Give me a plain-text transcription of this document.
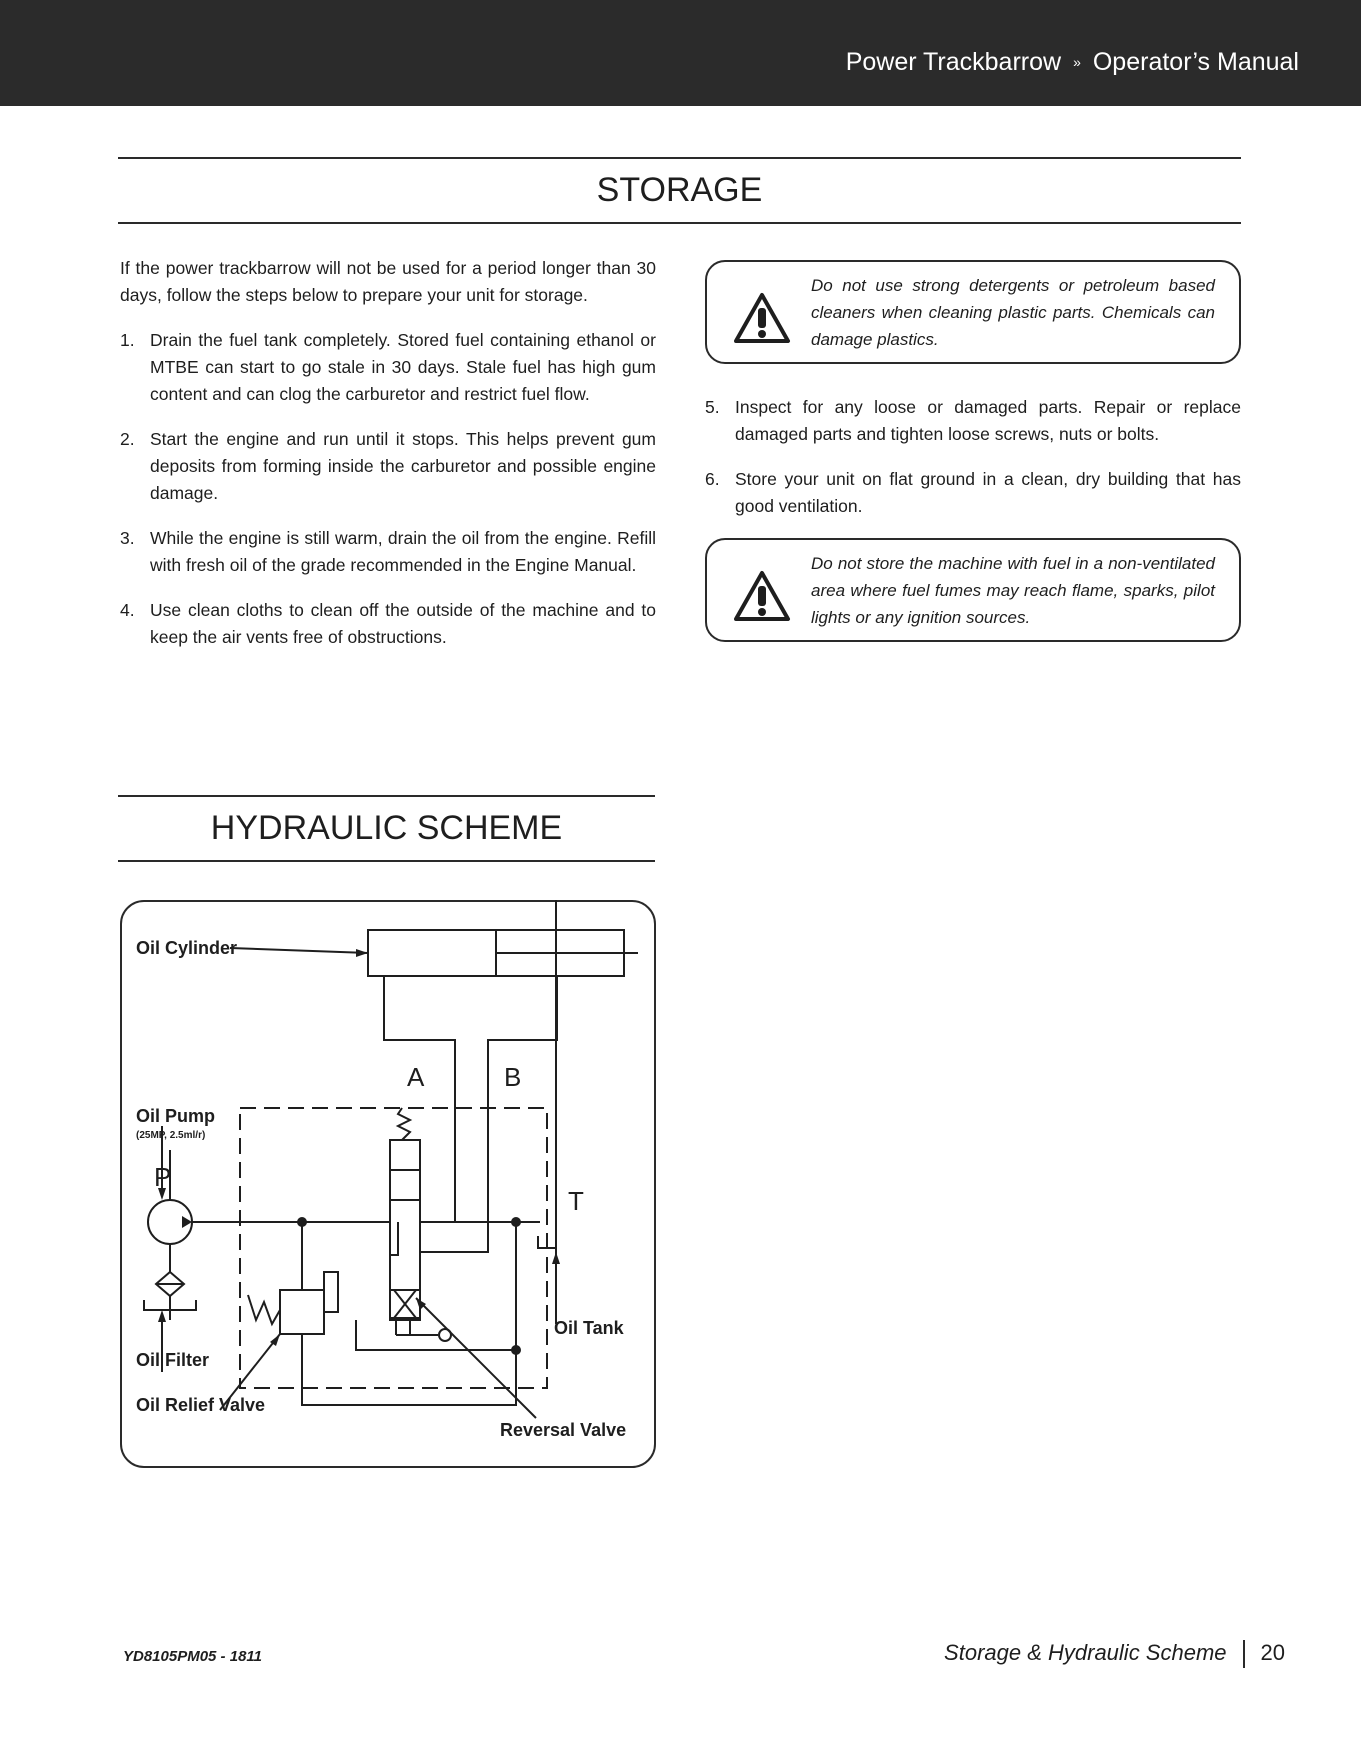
Power Trackbarrow » Operator’s Manual
STORAGE

If the power trackbarrow will not be used for a period longer than 30 days, follow the steps below to prepare your unit for storage.

1. Drain the fuel tank completely. Stored fuel containing ethanol or MTBE can start to go stale in 30 days. Stale fuel has high gum content and can clog the carburetor and restrict fuel flow.
2. Start the engine and run until it stops. This helps prevent gum deposits from forming inside the carburetor and possible engine damage.
3. While the engine is still warm, drain the oil from the engine. Refill with fresh oil of the grade recommended in the Engine Manual.
4. Use clean cloths to clean off the outside of the machine and to keep the air vents free of obstructions.
Do not use strong detergents or petroleum based cleaners when cleaning plastic parts. Chemicals can damage plastics.
5. Inspect for any loose or damaged parts. Repair or replace damaged parts and tighten loose screws, nuts or bolts.
6. Store your unit on flat ground in a clean, dry building that has good ventilation.
Do not store the machine with fuel in a non-ventilated area where fuel fumes may reach flame, sparks, pilot lights or any ignition sources.
HYDRAULIC SCHEME
Oil Cylinder
Oil Pump
(25MP, 2.5ml/r)
P
A	B
T
Oil Tank
Oil Filter
Oil Relief Valve
Reversal Valve
YD8105PM05 - 1811	Storage & Hydraulic Scheme 20
